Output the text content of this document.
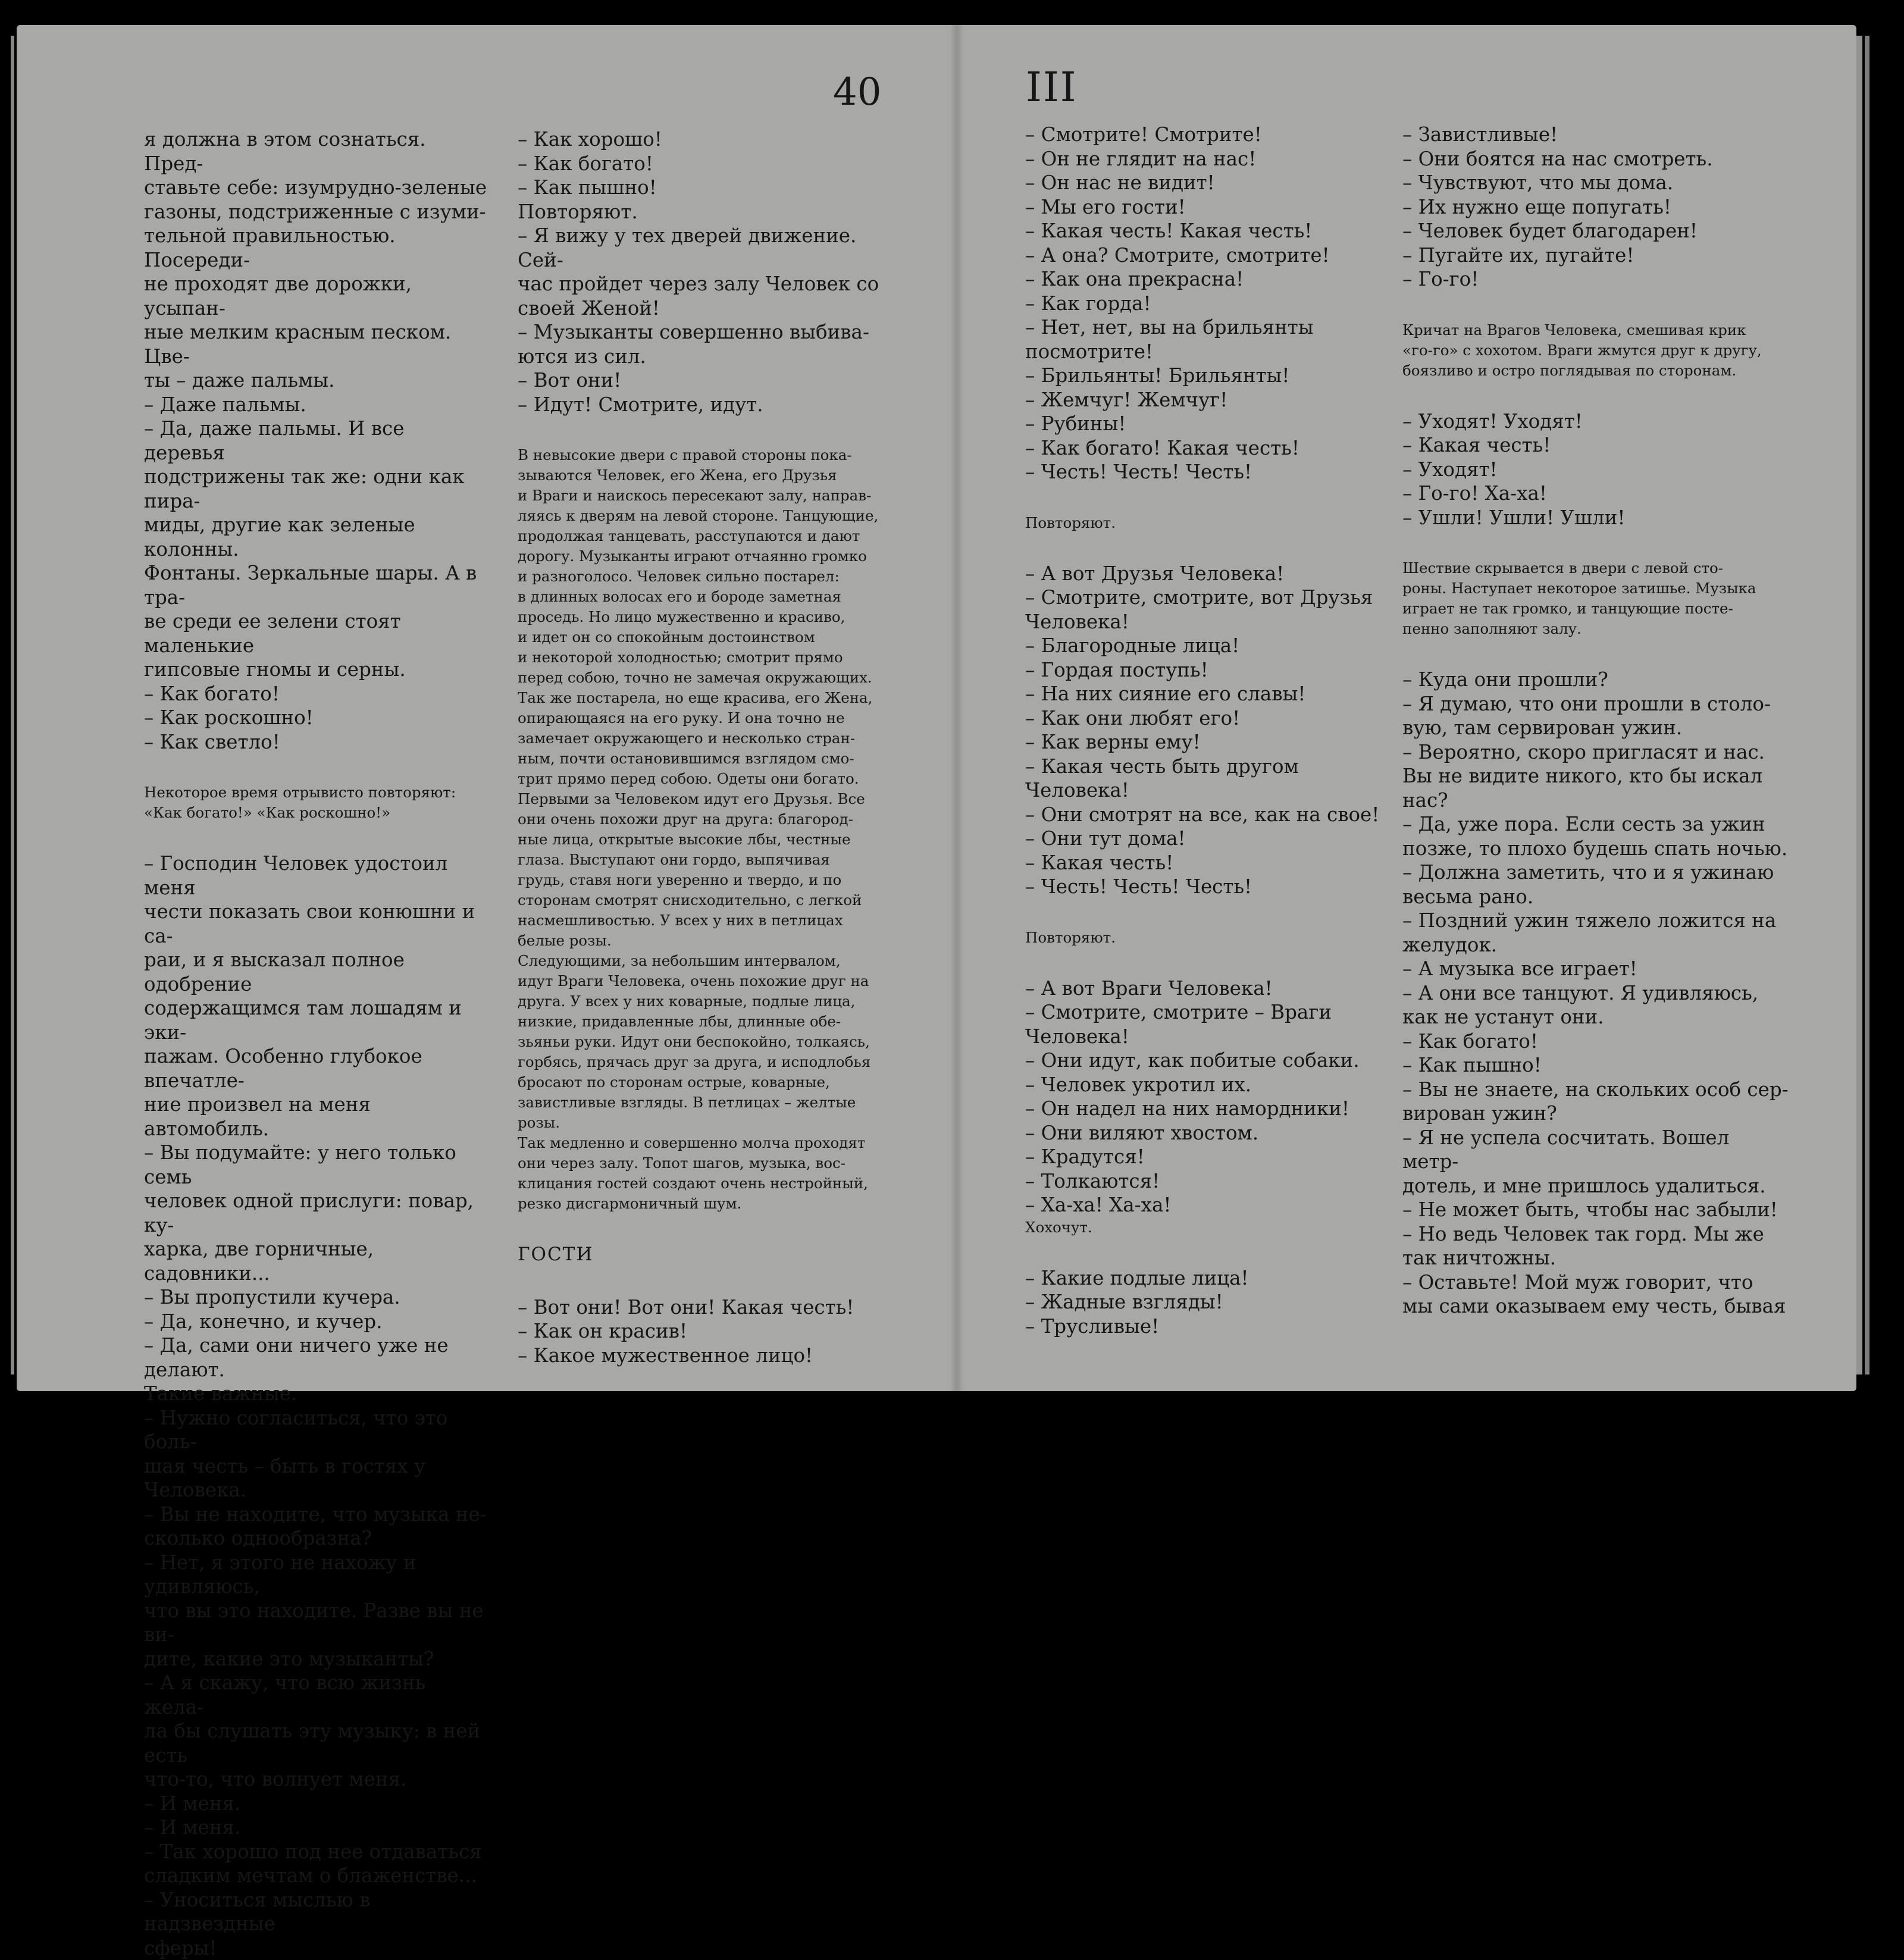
40	III

я должна в этом сознаться. Пред-

ставьте себе: изумрудно-зеленые

газоны, подстриженные с изуми-

тельной правильностью. Посереди-

не проходят две дорожки, усыпан-

ные мелким красным песком. Цве-

ты – даже пальмы.

– Даже пальмы.

– Да, даже пальмы. И все деревья

подстрижены так же: одни как пира-

миды, другие как зеленые колонны.

Фонтаны. Зеркальные шары. А в тра-

ве среди ее зелени стоят маленькие

гипсовые гномы и серны.

– Как богато!

– Как роскошно!

– Как светло!

Некоторое время отрывисто повторяют:

«Как богато!» «Как роскошно!»

– Господин Человек удостоил меня

чести показать свои конюшни и са-

раи, и я высказал полное одобрение

содержащимся там лошадям и эки-

пажам. Особенно глубокое впечатле-

ние произвел на меня автомобиль.

– Вы подумайте: у него только семь

человек одной прислуги: повар, ку-

харка, две горничные, садовники...

– Вы пропустили кучера.

– Да, конечно, и кучер.

– Да, сами они ничего уже не делают.

Такие важные.

– Нужно согласиться, что это боль-

шая честь – быть в гостях у Человека.

– Вы не находите, что музыка не-

сколько однообразна?

– Нет, я этого не нахожу и удивляюсь,

что вы это находите. Разве вы не ви-

дите, какие это музыканты?

– А я скажу, что всю жизнь жела-

ла бы слушать эту музыку: в ней есть

что-то, что волнует меня.

– И меня.

– И меня.

– Так хорошо под нее отдаваться

сладким мечтам о блаженстве...

– Уноситься мыслью в надзвездные

сферы!

– Как хорошо!

– Как богато!

– Как пышно!

Повторяют.

– Я вижу у тех дверей движение. Сей-

час пройдет через залу Человек со

своей Женой!

– Музыканты совершенно выбива-

ются из сил.

– Вот они!

– Идут! Смотрите, идут.

В невысокие двери с правой стороны пока-

зываются Человек, его Жена, его Друзья

и Враги и наискось пересекают залу, направ-

ляясь к дверям на левой стороне. Танцующие,

продолжая танцевать, расступаются и дают

дорогу. Музыканты играют отчаянно громко

и разноголосо. Человек сильно постарел:

в длинных волосах его и бороде заметная

проседь. Но лицо мужественно и красиво,

и идет он со спокойным достоинством

и некоторой холодностью; смотрит прямо

перед собою, точно не замечая окружающих.

Так же постарела, но еще красива, его Жена,

опирающаяся на его руку. И она точно не

замечает окружающего и несколько стран-

ным, почти остановившимся взглядом смо-

трит прямо перед собою. Одеты они богато.

Первыми за Человеком идут его Друзья. Все

они очень похожи друг на друга: благород-

ные лица, открытые высокие лбы, честные

глаза. Выступают они гордо, выпячивая

грудь, ставя ноги уверенно и твердо, и по

сторонам смотрят снисходительно, с легкой

насмешливостью. У всех у них в петлицах

белые розы.

Следующими, за небольшим интервалом,

идут Враги Человека, очень похожие друг на

друга. У всех у них коварные, подлые лица,

низкие, придавленные лбы, длинные обе-

зьяньи руки. Идут они беспокойно, толкаясь,

горбясь, прячась друг за друга, и исподлобья

бросают по сторонам острые, коварные,

завистливые взгляды. В петлицах – желтые

розы.

Так медленно и совершенно молча проходят

они через залу. Топот шагов, музыка, вос-

клицания гостей создают очень нестройный,

резко дисгармоничный шум.

ГОСТИ

– Вот они! Вот они! Какая честь!

– Как он красив!

– Какое мужественное лицо!

– Смотрите! Смотрите!

– Он не глядит на нас!

– Он нас не видит!

– Мы его гости!

– Какая честь! Какая честь!

– А она? Смотрите, смотрите!

– Как она прекрасна!

– Как горда!

– Нет, нет, вы на брильянты

посмотрите!

– Брильянты! Брильянты!

– Жемчуг! Жемчуг!

– Рубины!

– Как богато! Какая честь!

– Честь! Честь! Честь!

Повторяют.

– А вот Друзья Человека!

– Смотрите, смотрите, вот Друзья

Человека!

– Благородные лица!

– Гордая поступь!

– На них сияние его славы!

– Как они любят его!

– Как верны ему!

– Какая честь быть другом Человека!

– Они смотрят на все, как на свое!

– Они тут дома!

– Какая честь!

– Честь! Честь! Честь!

Повторяют.

– А вот Враги Человека!

– Смотрите, смотрите – Враги

Человека!

– Они идут, как побитые собаки.

– Человек укротил их.

– Он надел на них намордники!

– Они виляют хвостом.

– Крадутся!

– Толкаются!

– Ха-ха! Ха-ха!

Хохочут.

– Какие подлые лица!

– Жадные взгляды!

– Трусливые!

– Завистливые!

– Они боятся на нас смотреть.

– Чувствуют, что мы дома.

– Их нужно еще попугать!

– Человек будет благодарен!

– Пугайте их, пугайте!

– Го-го!

Кричат на Врагов Человека, смешивая крик

«го-го» с хохотом. Враги жмутся друг к другу,

боязливо и остро поглядывая по сторонам.

– Уходят! Уходят!

– Какая честь!

– Уходят!

– Го-го! Ха-ха!

– Ушли! Ушли! Ушли!

Шествие скрывается в двери с левой сто-

роны. Наступает некоторое затишье. Музыка

играет не так громко, и танцующие посте-

пенно заполняют залу.

– Куда они прошли?

– Я думаю, что они прошли в столо-

вую, там сервирован ужин.

– Вероятно, скоро пригласят и нас.

Вы не видите никого, кто бы искал

нас?

– Да, уже пора. Если сесть за ужин

позже, то плохо будешь спать ночью.

– Должна заметить, что и я ужинаю

весьма рано.

– Поздний ужин тяжело ложится на

желудок.

– А музыка все играет!

– А они все танцуют. Я удивляюсь,

как не устанут они.

– Как богато!

– Как пышно!

– Вы не знаете, на скольких особ сер-

вирован ужин?

– Я не успела сосчитать. Вошел метр-

дотель, и мне пришлось удалиться.

– Не может быть, чтобы нас забыли!

– Но ведь Человек так горд. Мы же

так ничтожны.

– Оставьте! Мой муж говорит, что

мы сами оказываем ему честь, бывая
